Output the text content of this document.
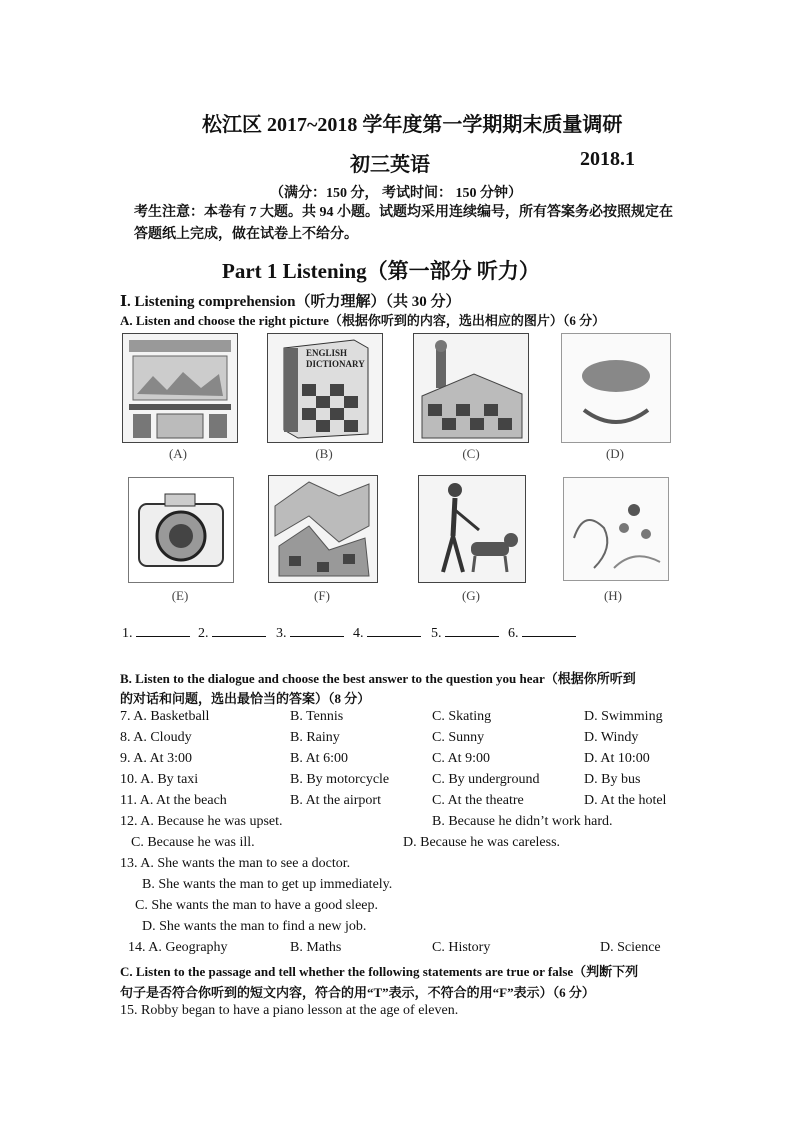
松江区 2017~2018 学年度第一学期期末质量调研
初三英语	2018.1
（满分：150 分， 考试时间： 150 分钟）
考生注意：本卷有 7 大题。共 94 小题。试题均采用连续编号，所有答案务必按照规定在
答题纸上完成，做在试卷上不给分。
Part 1 Listening（第一部分 听力）
Ⅰ. Listening comprehension（听力理解）（共 30 分）
A. Listen and choose the right picture（根据你听到的内容，选出相应的图片）（6 分）
(A)
ENGLISH DICTIONARY
(B)	(C)	(D)
(E)	(F)	(G)	(H)
1.	2.	3.	4.	5.	6.
B. Listen to the dialogue and choose the best answer to the question you hear（根据你所听到
的对话和问题，选出最恰当的答案）（8 分）
7. A. Basketball	B. Tennis	C. Skating	D. Swimming
8. A. Cloudy	B. Rainy	C. Sunny	D. Windy
9. A. At 3:00	B. At 6:00	C. At 9:00	D. At 10:00
10. A. By taxi	B. By motorcycle	C. By underground	D. By bus
11. A. At the beach	B. At the airport	C. At the theatre	D. At the hotel
12. A. Because he was upset.	B. Because he didn’t work hard.
C. Because he was ill.	D. Because he was careless.
13. A. She wants the man to see a doctor.
B. She wants the man to get up immediately.
C. She wants the man to have a good sleep.
D. She wants the man to find a new job.
14. A. Geography	B. Maths	C. History	D. Science
C. Listen to the passage and tell whether the following statements are true or false（判断下列
句子是否符合你听到的短文内容，符合的用“T”表示，不符合的用“F”表示）（6 分）
15. Robby began to have a piano lesson at the age of eleven.
